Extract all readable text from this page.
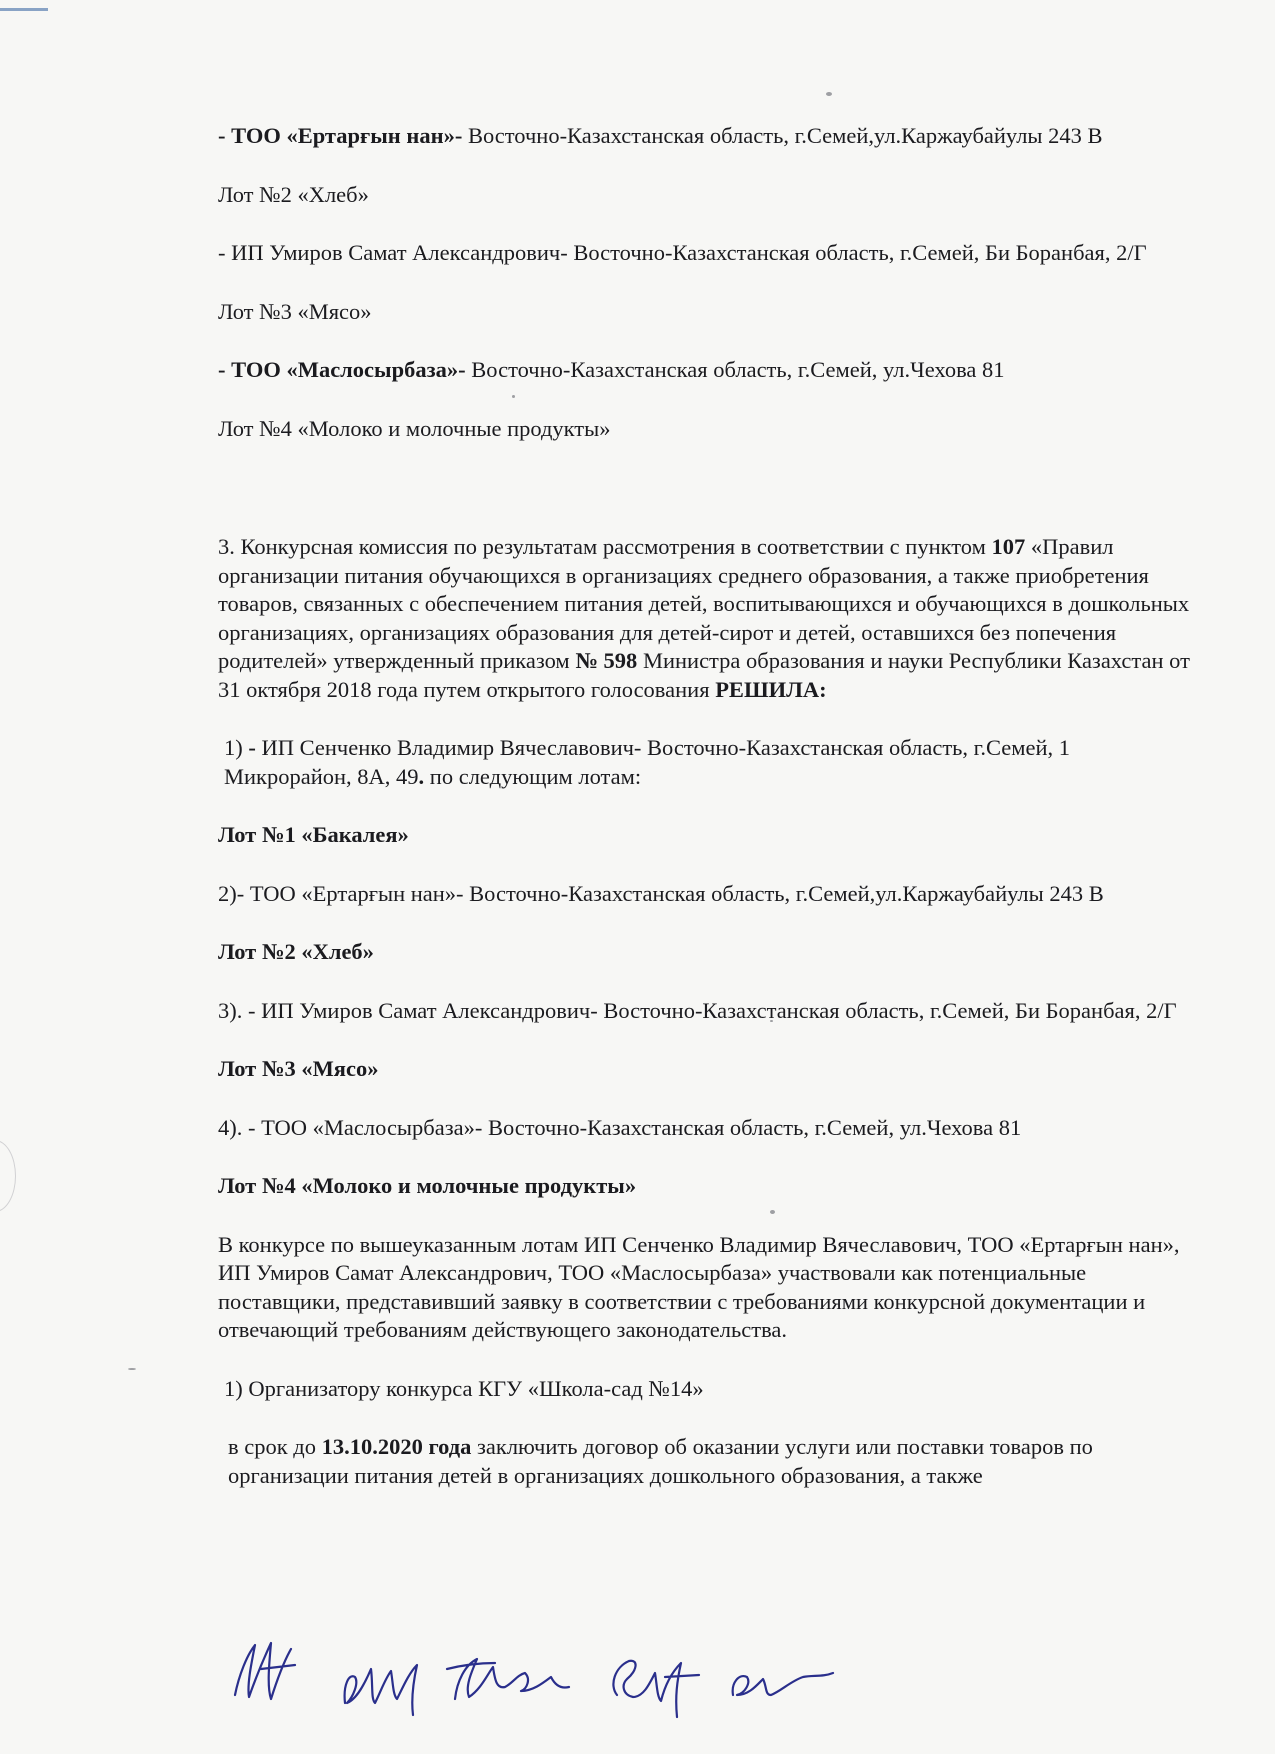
- ТОО «Ертарғын нан»- Восточно-Казахстанская область, г.Семей,ул.Каржаубайулы 243 В

Лот №2 «Хлеб»

- ИП Умиров Самат Александрович- Восточно-Казахстанская область, г.Семей, Би Боранбая, 2/Г

Лот №3 «Мясо»

- ТОО «Маслосырбаза»- Восточно-Казахстанская область, г.Семей, ул.Чехова 81

Лот №4 «Молоко и молочные продукты»

3. Конкурсная комиссия по результатам рассмотрения в соответствии с пунктом 107 «Правил организации питания обучающихся в организациях среднего образования, а также приобретения товаров, связанных с обеспечением питания детей, воспитывающихся и обучающихся в дошкольных организациях, организациях образования для детей-сирот и детей, оставшихся без попечения родителей» утвержденный приказом № 598 Министра образования и науки Республики Казахстан от 31 октября 2018 года путем открытого голосования РЕШИЛА:

1) - ИП Сенченко Владимир Вячеславович- Восточно-Казахстанская область, г.Семей, 1 Микрорайон, 8А, 49. по следующим лотам:

Лот №1 «Бакалея»

2)- ТОО «Ертарғын нан»- Восточно-Казахстанская область, г.Семей,ул.Каржаубайулы 243 В

Лот №2 «Хлеб»

3). - ИП Умиров Самат Александрович- Восточно-Казахстанская область, г.Семей, Би Боранбая, 2/Г

Лот №3 «Мясо»

4). - ТОО «Маслосырбаза»- Восточно-Казахстанская область, г.Семей, ул.Чехова 81

Лот №4 «Молоко и молочные продукты»

В конкурсе по вышеуказанным лотам ИП Сенченко Владимир Вячеславович, ТОО «Ертарғын нан», ИП Умиров Самат Александрович, ТОО «Маслосырбаза» участвовали как потенциальные поставщики, представивший заявку в соответствии с требованиями конкурсной документации и отвечающий требованиям действующего законодательства.

1) Организатору конкурса КГУ «Школа-сад №14»

в срок до 13.10.2020 года заключить договор об оказании услуги или поставки товаров по организации питания детей в организациях дошкольного образования, а также
